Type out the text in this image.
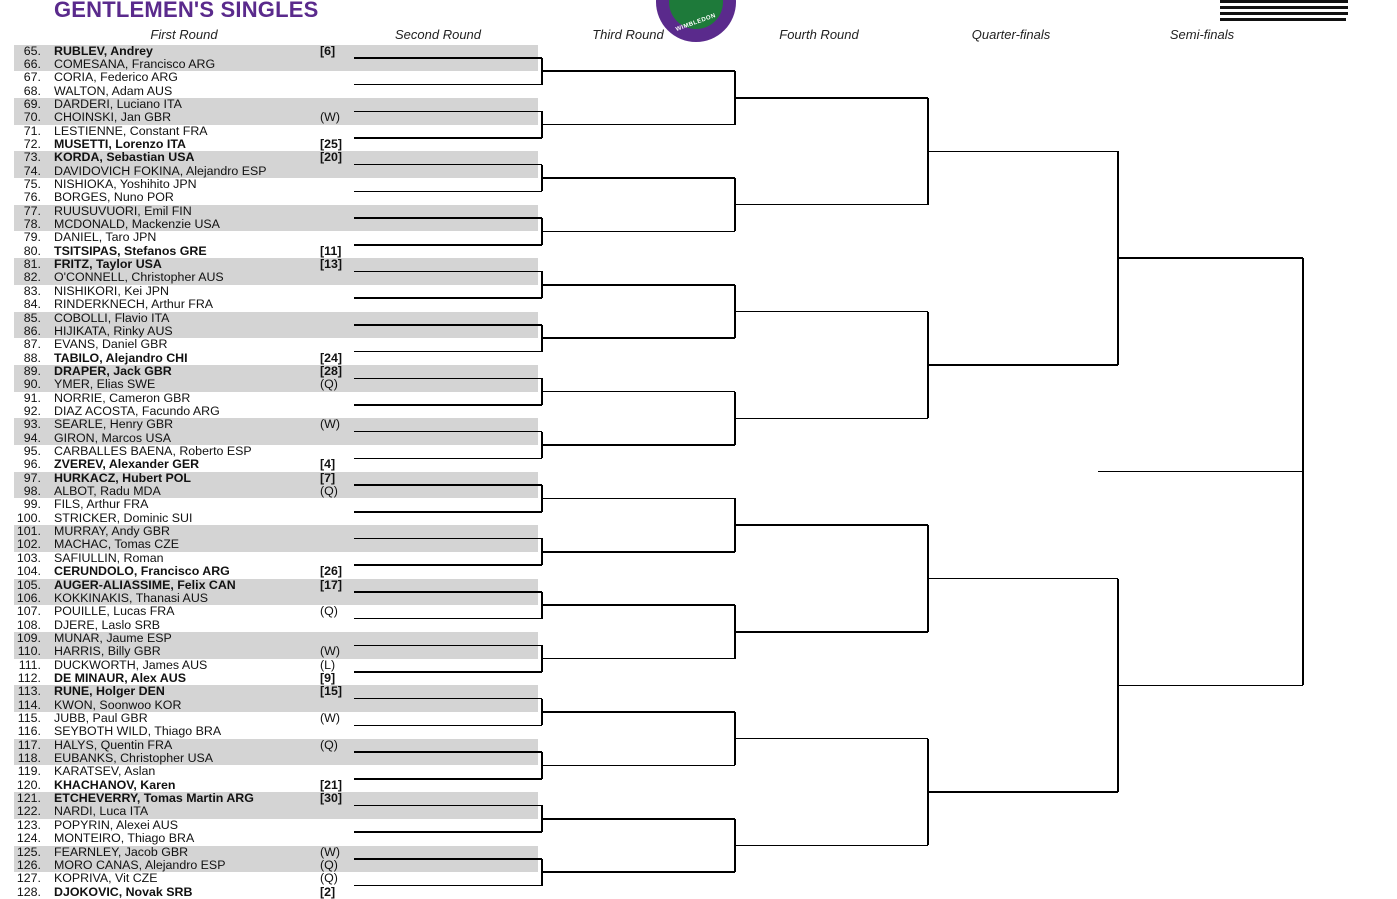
GENTLEMEN'S SINGLES
First Round	Second Round	Third Round	Fourth Round	Quarter-finals	Semi-finals
WIMBLEDON
65. RUBLEV, Andrey	[6]
66. COMESANA, Francisco ARG
67. CORIA, Federico ARG
68. WALTON, Adam AUS
69. DARDERI, Luciano ITA
70. CHOINSKI, Jan GBR	(W)
71. LESTIENNE, Constant FRA
72. MUSETTI, Lorenzo ITA	[25]
73. KORDA, Sebastian USA	[20]
74. DAVIDOVICH FOKINA, Alejandro ESP
75. NISHIOKA, Yoshihito JPN
76. BORGES, Nuno POR
77. RUUSUVUORI, Emil FIN
78. MCDONALD, Mackenzie USA
79. DANIEL, Taro JPN
80. TSITSIPAS, Stefanos GRE	[11]
81. FRITZ, Taylor USA	[13]
82. O'CONNELL, Christopher AUS
83. NISHIKORI, Kei JPN
84. RINDERKNECH, Arthur FRA
85. COBOLLI, Flavio ITA
86. HIJIKATA, Rinky AUS
87. EVANS, Daniel GBR
88. TABILO, Alejandro CHI	[24]
89. DRAPER, Jack GBR	[28]
90. YMER, Elias SWE	(Q)
91. NORRIE, Cameron GBR
92. DIAZ ACOSTA, Facundo ARG
93. SEARLE, Henry GBR	(W)
94. GIRON, Marcos USA
95. CARBALLES BAENA, Roberto ESP
96. ZVEREV, Alexander GER	[4]
97. HURKACZ, Hubert POL	[7]
98. ALBOT, Radu MDA	(Q)
99. FILS, Arthur FRA
100. STRICKER, Dominic SUI
101. MURRAY, Andy GBR
102. MACHAC, Tomas CZE
103. SAFIULLIN, Roman
104. CERUNDOLO, Francisco ARG	[26]
105. AUGER-ALIASSIME, Felix CAN	[17]
106. KOKKINAKIS, Thanasi AUS
107. POUILLE, Lucas FRA	(Q)
108. DJERE, Laslo SRB
109. MUNAR, Jaume ESP
110. HARRIS, Billy GBR	(W)
111. DUCKWORTH, James AUS	(L)
112. DE MINAUR, Alex AUS	[9]
113. RUNE, Holger DEN	[15]
114. KWON, Soonwoo KOR
115. JUBB, Paul GBR	(W)
116. SEYBOTH WILD, Thiago BRA
117. HALYS, Quentin FRA	(Q)
118. EUBANKS, Christopher USA
119. KARATSEV, Aslan
120. KHACHANOV, Karen	[21]
121. ETCHEVERRY, Tomas Martin ARG	[30]
122. NARDI, Luca ITA
123. POPYRIN, Alexei AUS
124. MONTEIRO, Thiago BRA
125. FEARNLEY, Jacob GBR	(W)
126. MORO CANAS, Alejandro ESP	(Q)
127. KOPRIVA, Vit CZE	(Q)
128. DJOKOVIC, Novak SRB	[2]
